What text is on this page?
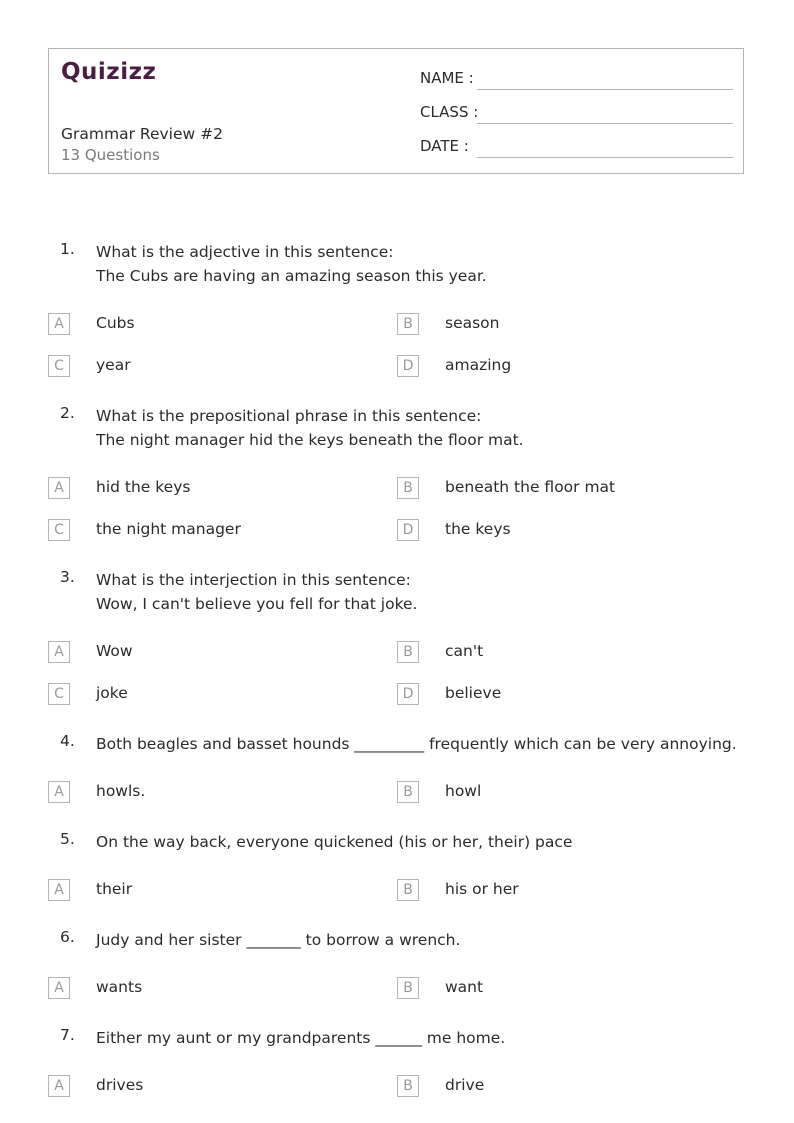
Quizizz
Grammar Review #2
13 Questions
NAME :
CLASS :
DATE :
1. What is the adjective in this sentence:
The Cubs are having an amazing season this year.
A	Cubs	B	season
C	year	D	amazing
2. What is the prepositional phrase in this sentence:
The night manager hid the keys beneath the floor mat.
A	hid the keys	B	beneath the floor mat
C	the night manager	D	the keys
3. What is the interjection in this sentence:
Wow, I can't believe you fell for that joke.
A	Wow	B	can't
C	joke	D	believe
4. Both beagles and basset hounds _________ frequently which can be very annoying.
A	howls.	B	howl
5. On the way back, everyone quickened (his or her, their) pace
A	their	B	his or her
6. Judy and her sister _______ to borrow a wrench.
A	wants	B	want
7. Either my aunt or my grandparents ______ me home.
A	drives	B	drive
